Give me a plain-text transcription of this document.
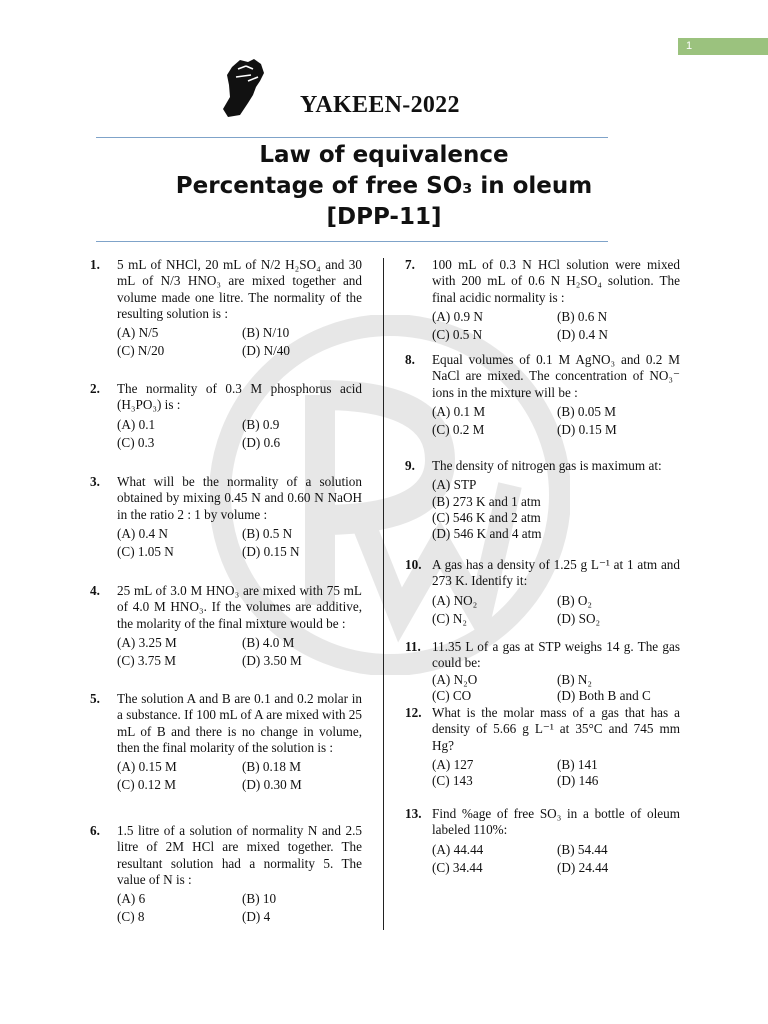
1
YAKEEN-2022
Law of equivalence
Percentage of free SO₃ in oleum
[DPP-11]
1. 5 mL of NHCl, 20 mL of N/2 H₂SO₄ and 30 mL of N/3 HNO₃ are mixed together and volume made one litre. The normality of the resulting solution is :
(A) N/5	(B) N/10
(C) N/20	(D) N/40
2. The normality of 0.3 M phosphorus acid (H₃PO₃) is :
(A) 0.1	(B) 0.9
(C) 0.3	(D) 0.6
3. What will be the normality of a solution obtained by mixing 0.45 N and 0.60 N NaOH in the ratio 2 : 1 by volume :
(A) 0.4 N	(B) 0.5 N
(C) 1.05 N	(D) 0.15 N
4. 25 mL of 3.0 M HNO₃ are mixed with 75 mL of 4.0 M HNO₃. If the volumes are additive, the molarity of the final mixture would be :
(A) 3.25 M	(B) 4.0 M
(C) 3.75 M	(D) 3.50 M
5. The solution A and B are 0.1 and 0.2 molar in a substance. If 100 mL of A are mixed with 25 mL of B and there is no change in volume, then the final molarity of the solution is :
(A) 0.15 M	(B) 0.18 M
(C) 0.12 M	(D) 0.30 M
6. 1.5 litre of a solution of normality N and 2.5 litre of 2M HCl are mixed together. The resultant solution had a normality 5. The value of N is :
(A) 6	(B) 10
(C) 8	(D) 4
7. 100 mL of 0.3 N HCl solution were mixed with 200 mL of 0.6 N H₂SO₄ solution. The final acidic normality is :
(A) 0.9 N	(B) 0.6 N
(C) 0.5 N	(D) 0.4 N
8. Equal volumes of 0.1 M AgNO₃ and 0.2 M NaCl are mixed. The concentration of NO₃⁻ ions in the mixture will be :
(A) 0.1 M	(B) 0.05 M
(C) 0.2 M	(D) 0.15 M
9. The density of nitrogen gas is maximum at:
(A) STP
(B) 273 K and 1 atm
(C) 546 K and 2 atm
(D) 546 K and 4 atm
10. A gas has a density of 1.25 g L⁻¹ at 1 atm and 273 K. Identify it:
(A) NO₂	(B) O₂
(C) N₂	(D) SO₂
11. 11.35 L of a gas at STP weighs 14 g. The gas could be:
(A) N₂O	(B) N₂
(C) CO	(D) Both B and C
12. What is the molar mass of a gas that has a density of 5.66 g L⁻¹ at 35°C and 745 mm Hg?
(A) 127	(B) 141
(C) 143	(D) 146
13. Find %age of free SO₃ in a bottle of oleum labeled 110%:
(A) 44.44	(B) 54.44
(C) 34.44	(D) 24.44
